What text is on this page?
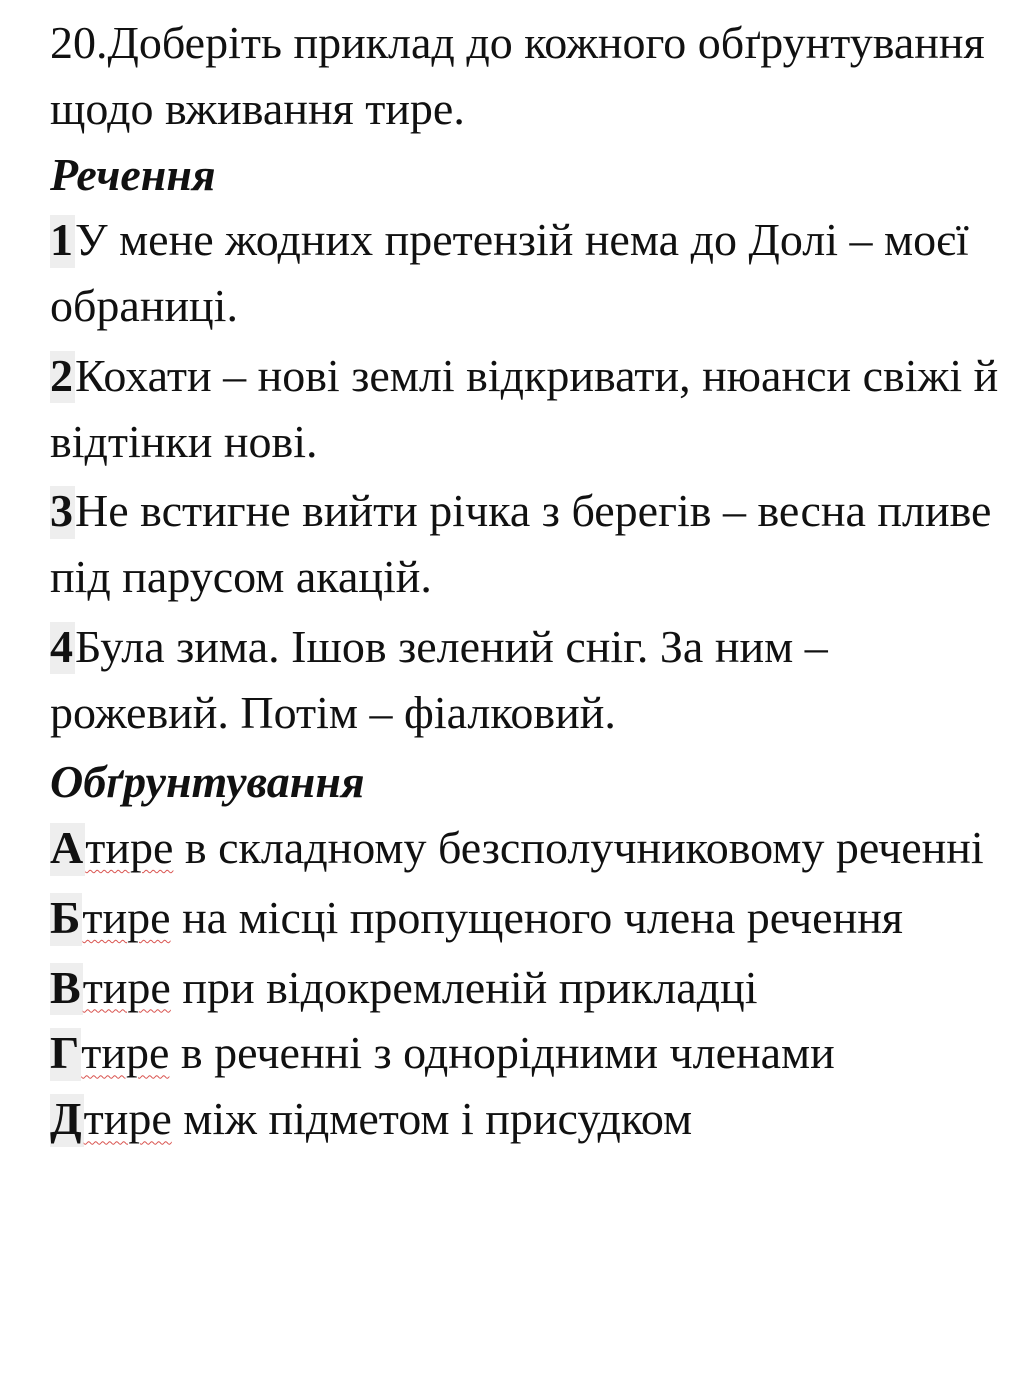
20.Доберіть приклад до кожного обґрунтування щодо вживання тире.

Речення

1У мене жодних претензій нема до Долі – моєї обраниці.

2Кохати – нові землі відкривати, нюанси свіжі й відтінки нові.

3Не встигне вийти річка з берегів – весна пливе під парусом акацій.

4Була зима. Ішов зелений сніг. За ним – рожевий. Потім – фіалковий.

Обґрунтування

Атире в складному безсполучниковому реченні

Бтире на місці пропущеного члена речення

Втире при відокремленій прикладці

Гтире в реченні з однорідними членами

Дтире між підметом і присудком
